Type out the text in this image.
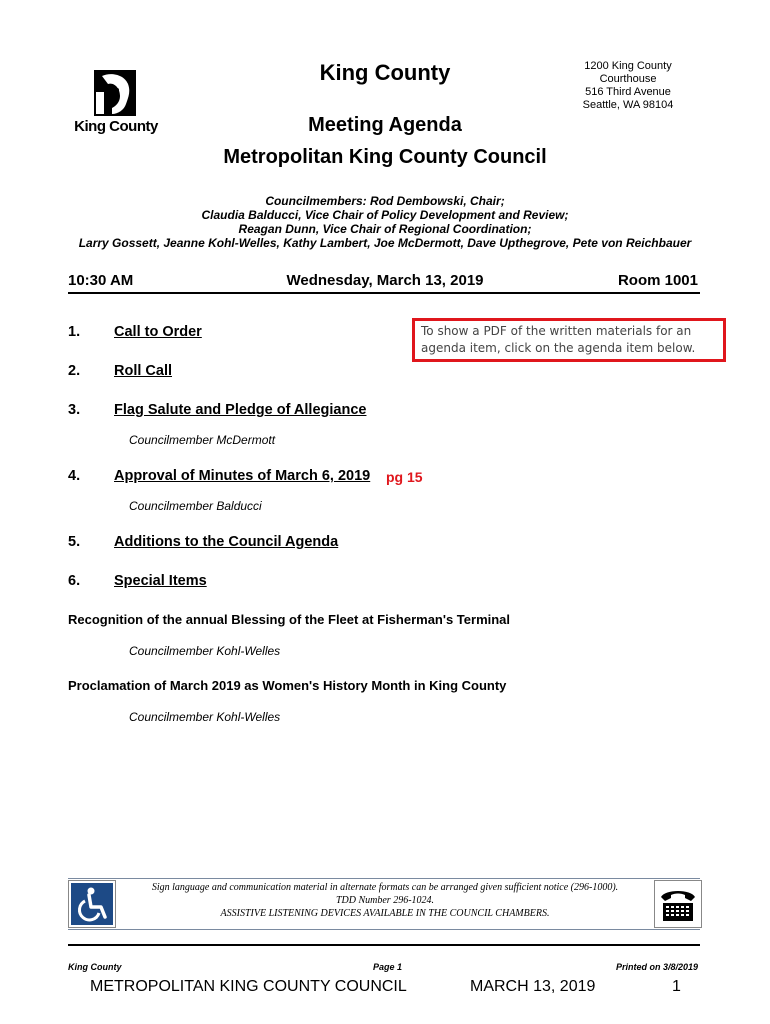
King County
King County	1200 King County
Courthouse
516 Third Avenue
Seattle, WA 98104
Meeting Agenda
Metropolitan King County Council
Councilmembers: Rod Dembowski, Chair;
Claudia Balducci, Vice Chair of Policy Development and Review;
Reagan Dunn, Vice Chair of Regional Coordination;
Larry Gossett, Jeanne Kohl-Welles, Kathy Lambert, Joe McDermott, Dave Upthegrove, Pete von Reichbauer
10:30 AM	Wednesday, March 13, 2019	Room 1001
To show a PDF of the written materials for an agenda item, click on the agenda item below.
1. Call to Order
2. Roll Call
3. Flag Salute and Pledge of Allegiance
Councilmember McDermott
4. Approval of Minutes of March 6, 2019 pg 15
Councilmember Balducci
5. Additions to the Council Agenda
6. Special Items
Recognition of the annual Blessing of the Fleet at Fisherman's Terminal
Councilmember Kohl-Welles
Proclamation of March 2019 as Women's History Month in King County
Councilmember Kohl-Welles
Sign language and communication material in alternate formats can be arranged given sufficient notice (296-1000).
TDD Number 296-1024.
ASSISTIVE LISTENING DEVICES AVAILABLE IN THE COUNCIL CHAMBERS.
King County	Page 1	Printed on 3/8/2019
METROPOLITAN KING COUNTY COUNCIL	MARCH 13, 2019	1
